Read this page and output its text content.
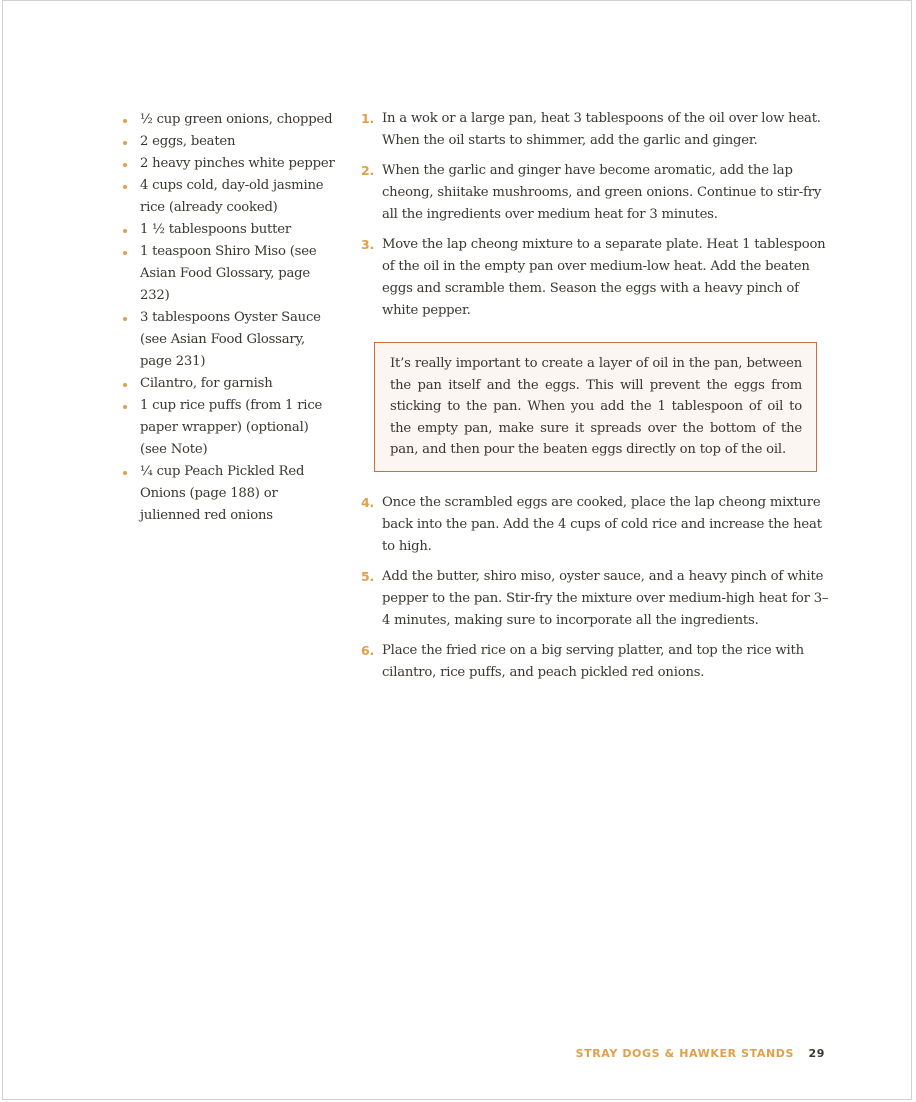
½ cup green onions, chopped
2 eggs, beaten
2 heavy pinches white pepper
4 cups cold, day-old jasmine rice (already cooked)
1 ½ tablespoons butter
1 teaspoon Shiro Miso (see Asian Food Glossary, page 232)
3 tablespoons Oyster Sauce (see Asian Food Glossary, page 231)
Cilantro, for garnish
1 cup rice puffs (from 1 rice paper wrapper) (optional) (see Note)
¼ cup Peach Pickled Red Onions (page 188) or julienned red onions
1. In a wok or a large pan, heat 3 tablespoons of the oil over low heat. When the oil starts to shimmer, add the garlic and ginger.
2. When the garlic and ginger have become aromatic, add the lap cheong, shiitake mushrooms, and green onions. Continue to stir-fry all the ingredients over medium heat for 3 minutes.
3. Move the lap cheong mixture to a separate plate. Heat 1 tablespoon of the oil in the empty pan over medium-low heat. Add the beaten eggs and scramble them. Season the eggs with a heavy pinch of white pepper.
It’s really important to create a layer of oil in the pan, between the pan itself and the eggs. This will prevent the eggs from sticking to the pan. When you add the 1 tablespoon of oil to the empty pan, make sure it spreads over the bottom of the pan, and then pour the beaten eggs directly on top of the oil.
4. Once the scrambled eggs are cooked, place the lap cheong mixture back into the pan. Add the 4 cups of cold rice and increase the heat to high.
5. Add the butter, shiro miso, oyster sauce, and a heavy pinch of white pepper to the pan. Stir-fry the mixture over medium-high heat for 3–4 minutes, making sure to incorporate all the ingredients.
6. Place the fried rice on a big serving platter, and top the rice with cilantro, rice puffs, and peach pickled red onions.
STRAY DOGS & HAWKER STANDS 29
